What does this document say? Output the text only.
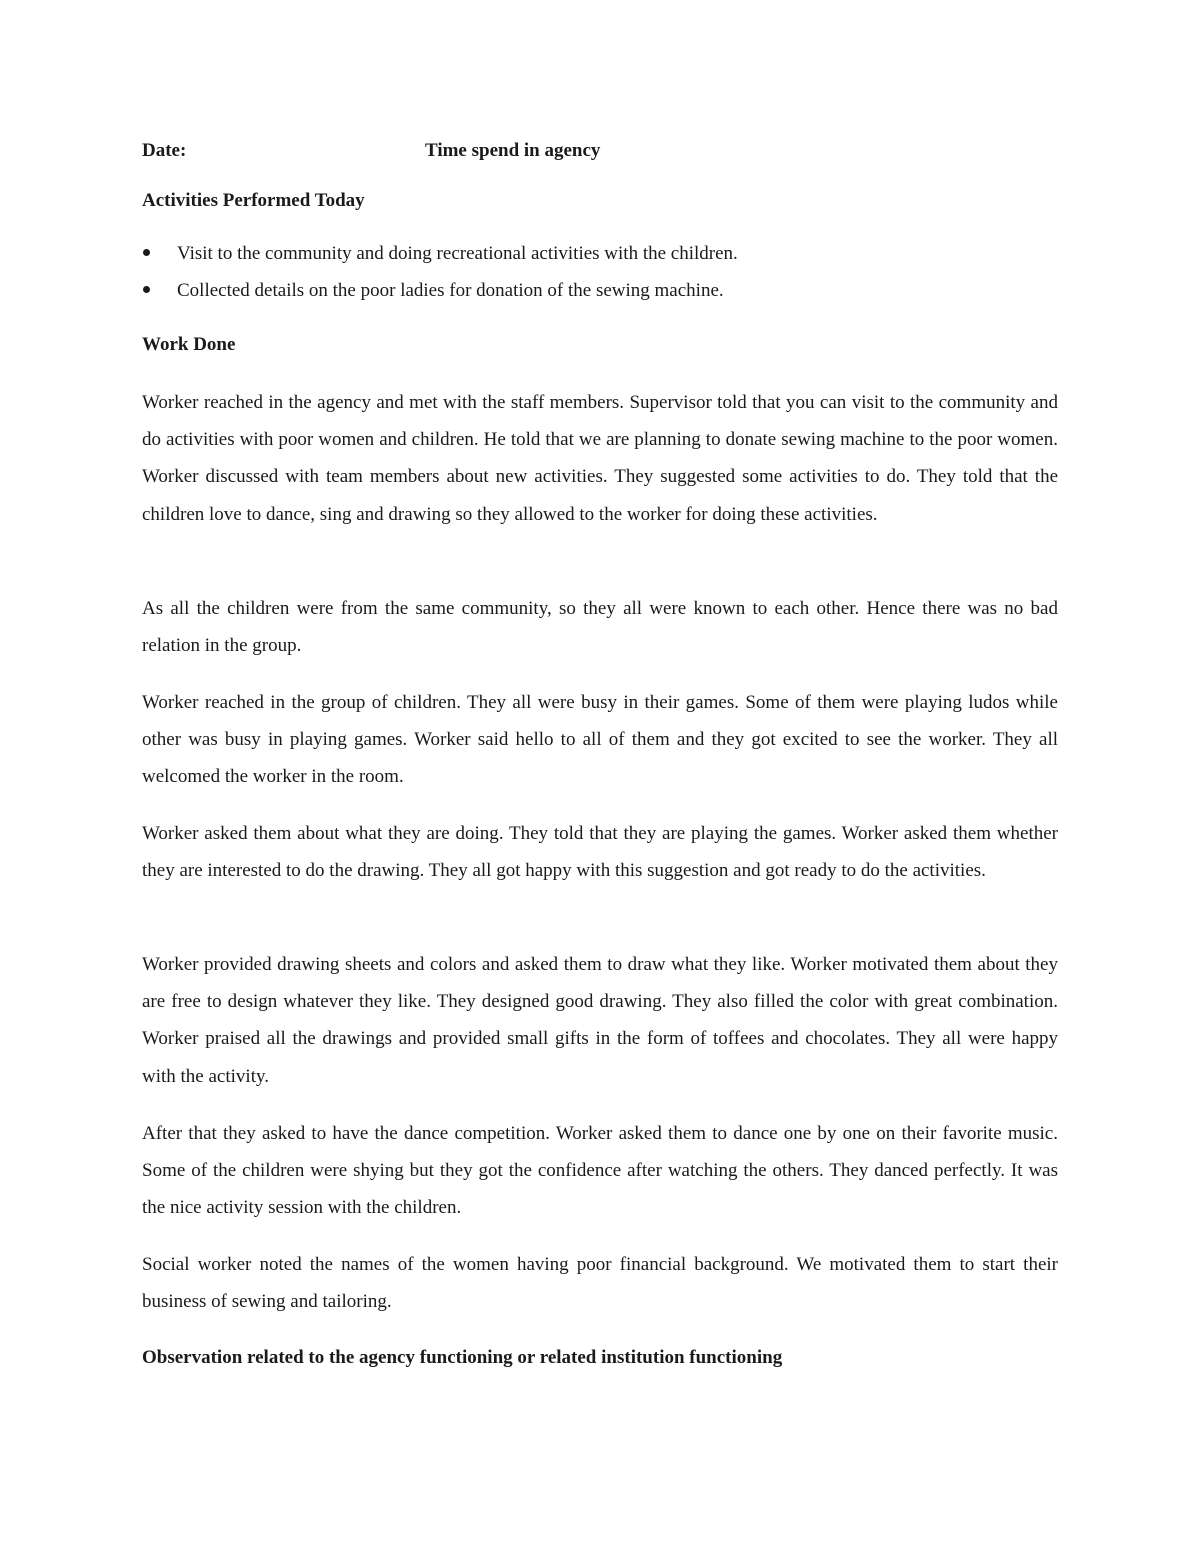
Date:	Time spend in agency
Activities Performed Today
Visit to the community and doing recreational activities with the children.
Collected details on the poor ladies for donation of the sewing machine.
Work Done

Worker reached in the agency and met with the staff members. Supervisor told that you can visit to the community and do activities with poor women and children. He told that we are planning to donate sewing machine to the poor women. Worker discussed with team members about new activities. They suggested some activities to do. They told that the children love to dance, sing and drawing so they allowed to the worker for doing these activities.

As all the children were from the same community, so they all were known to each other. Hence there was no bad relation in the group.

Worker reached in the group of children. They all were busy in their games. Some of them were playing ludos while other was busy in playing games. Worker said hello to all of them and they got excited to see the worker. They all welcomed the worker in the room.

Worker asked them about what they are doing. They told that they are playing the games. Worker asked them whether they are interested to do the drawing. They all got happy with this suggestion and got ready to do the activities.

Worker provided drawing sheets and colors and asked them to draw what they like. Worker motivated them about they are free to design whatever they like. They designed good drawing. They also filled the color with great combination. Worker praised all the drawings and provided small gifts in the form of toffees and chocolates. They all were happy with the activity.

After that they asked to have the dance competition. Worker asked them to dance one by one on their favorite music. Some of the children were shying but they got the confidence after watching the others. They danced perfectly. It was the nice activity session with the children.

Social worker noted the names of the women having poor financial background. We motivated them to start their business of sewing and tailoring.

Observation related to the agency functioning or related institution functioning
